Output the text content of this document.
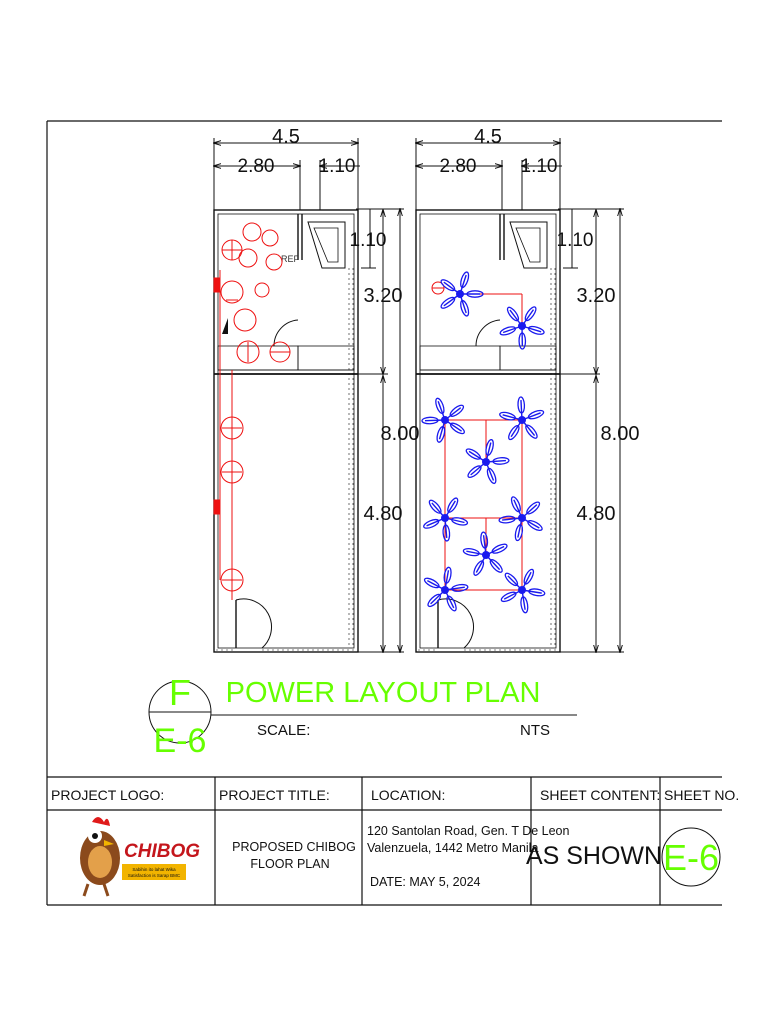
4.5
2.80 1.10
1.10
3.20
8.00
4.80
REF
4.5
2.80 1.10
1.10
3.20
8.00
4.80
F
E-6
POWER LAYOUT PLAN
SCALE:	NTS
PROJECT LOGO:	PROJECT TITLE:	LOCATION:	SHEET CONTENT: SHEET NO.
CHIBOG
Sabihin ito lahat Wika
Satisfaction is Sarap BMC
PROPOSED CHIBOG
FLOOR PLAN
120 Santolan Road, Gen. T De Leon
Valenzuela, 1442 Metro Manila
DATE: MAY 5, 2024
AS SHOWN E-6
